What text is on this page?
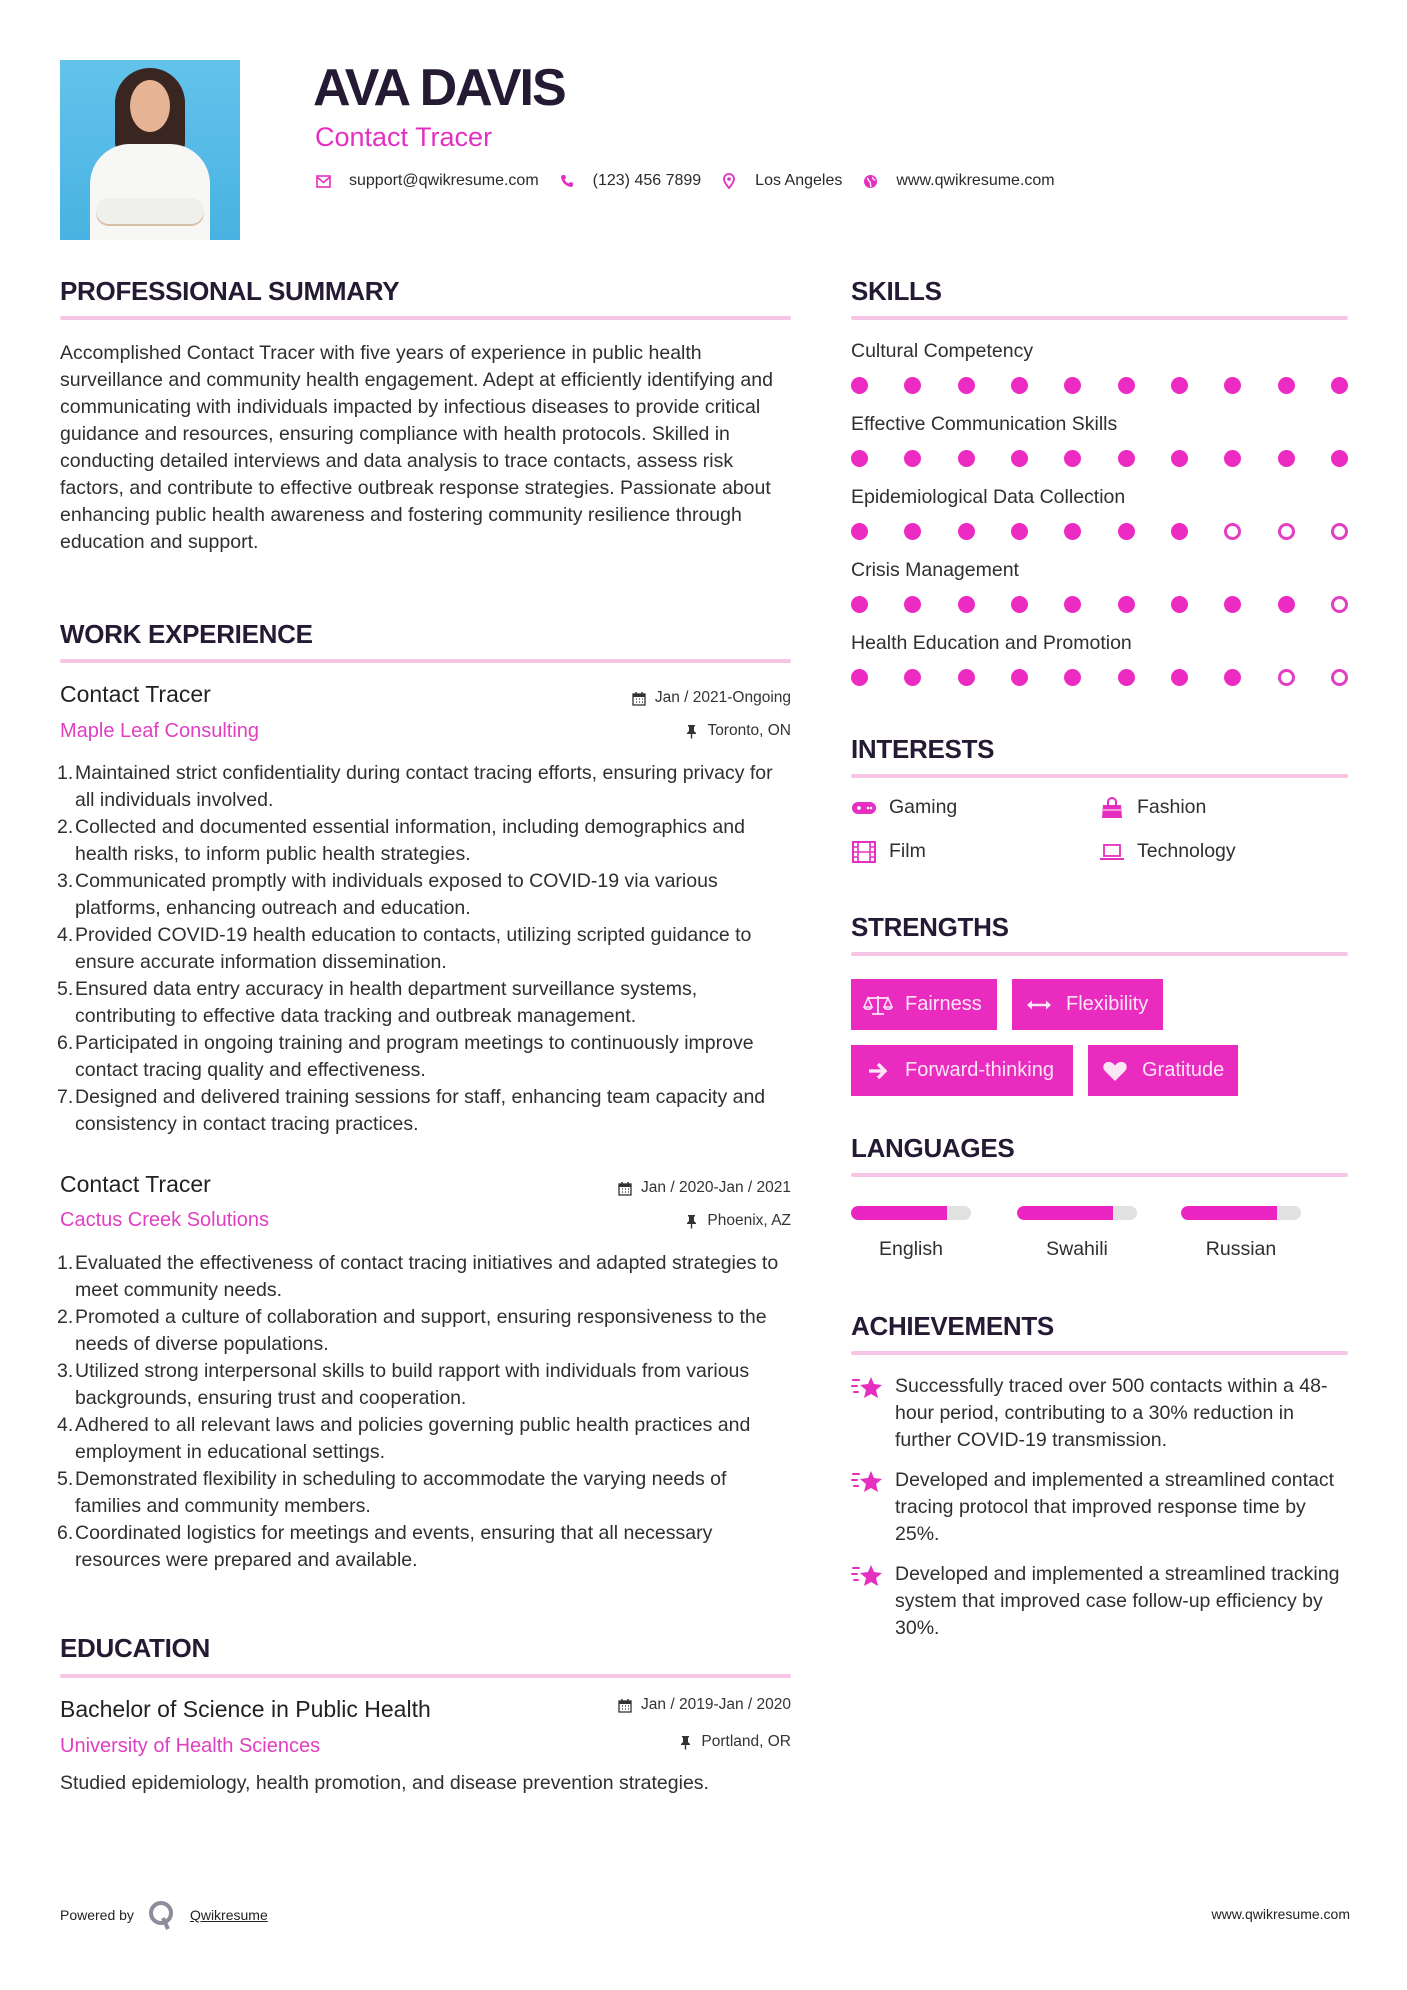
AVA DAVIS
Contact Tracer
support@qwikresume.com	(123) 456 7899	Los Angeles	www.qwikresume.com
PROFESSIONAL SUMMARY
Accomplished Contact Tracer with five years of experience in public health surveillance and community health engagement. Adept at efficiently identifying and communicating with individuals impacted by infectious diseases to provide critical guidance and resources, ensuring compliance with health protocols. Skilled in conducting detailed interviews and data analysis to trace contacts, assess risk factors, and contribute to effective outbreak response strategies. Passionate about enhancing public health awareness and fostering community resilience through education and support.
WORK EXPERIENCE
Contact Tracer
Maple Leaf Consulting
Jan / 2021-Ongoing
Toronto, ON
1. Maintained strict confidentiality during contact tracing efforts, ensuring privacy for all individuals involved.
2. Collected and documented essential information, including demographics and health risks, to inform public health strategies.
3. Communicated promptly with individuals exposed to COVID-19 via various platforms, enhancing outreach and education.
4. Provided COVID-19 health education to contacts, utilizing scripted guidance to ensure accurate information dissemination.
5. Ensured data entry accuracy in health department surveillance systems, contributing to effective data tracking and outbreak management.
6. Participated in ongoing training and program meetings to continuously improve contact tracing quality and effectiveness.
7. Designed and delivered training sessions for staff, enhancing team capacity and consistency in contact tracing practices.
Contact Tracer
Cactus Creek Solutions
Jan / 2020-Jan / 2021
Phoenix, AZ
1. Evaluated the effectiveness of contact tracing initiatives and adapted strategies to meet community needs.
2. Promoted a culture of collaboration and support, ensuring responsiveness to the needs of diverse populations.
3. Utilized strong interpersonal skills to build rapport with individuals from various backgrounds, ensuring trust and cooperation.
4. Adhered to all relevant laws and policies governing public health practices and employment in educational settings.
5. Demonstrated flexibility in scheduling to accommodate the varying needs of families and community members.
6. Coordinated logistics for meetings and events, ensuring that all necessary resources were prepared and available.
EDUCATION
Bachelor of Science in Public Health
University of Health Sciences
Jan / 2019-Jan / 2020
Portland, OR
Studied epidemiology, health promotion, and disease prevention strategies.
SKILLS
Cultural Competency
Effective Communication Skills
Epidemiological Data Collection
Crisis Management
Health Education and Promotion
INTERESTS
Gaming	Fashion
Film	Technology
STRENGTHS
Fairness	Flexibility
Forward-thinking	Gratitude
LANGUAGES
English	Swahili	Russian
ACHIEVEMENTS
Successfully traced over 500 contacts within a 48-hour period, contributing to a 30% reduction in further COVID-19 transmission.
Developed and implemented a streamlined contact tracing protocol that improved response time by 25%.
Developed and implemented a streamlined tracking system that improved case follow-up efficiency by 30%.
Powered by	Qwikresume	www.qwikresume.com
